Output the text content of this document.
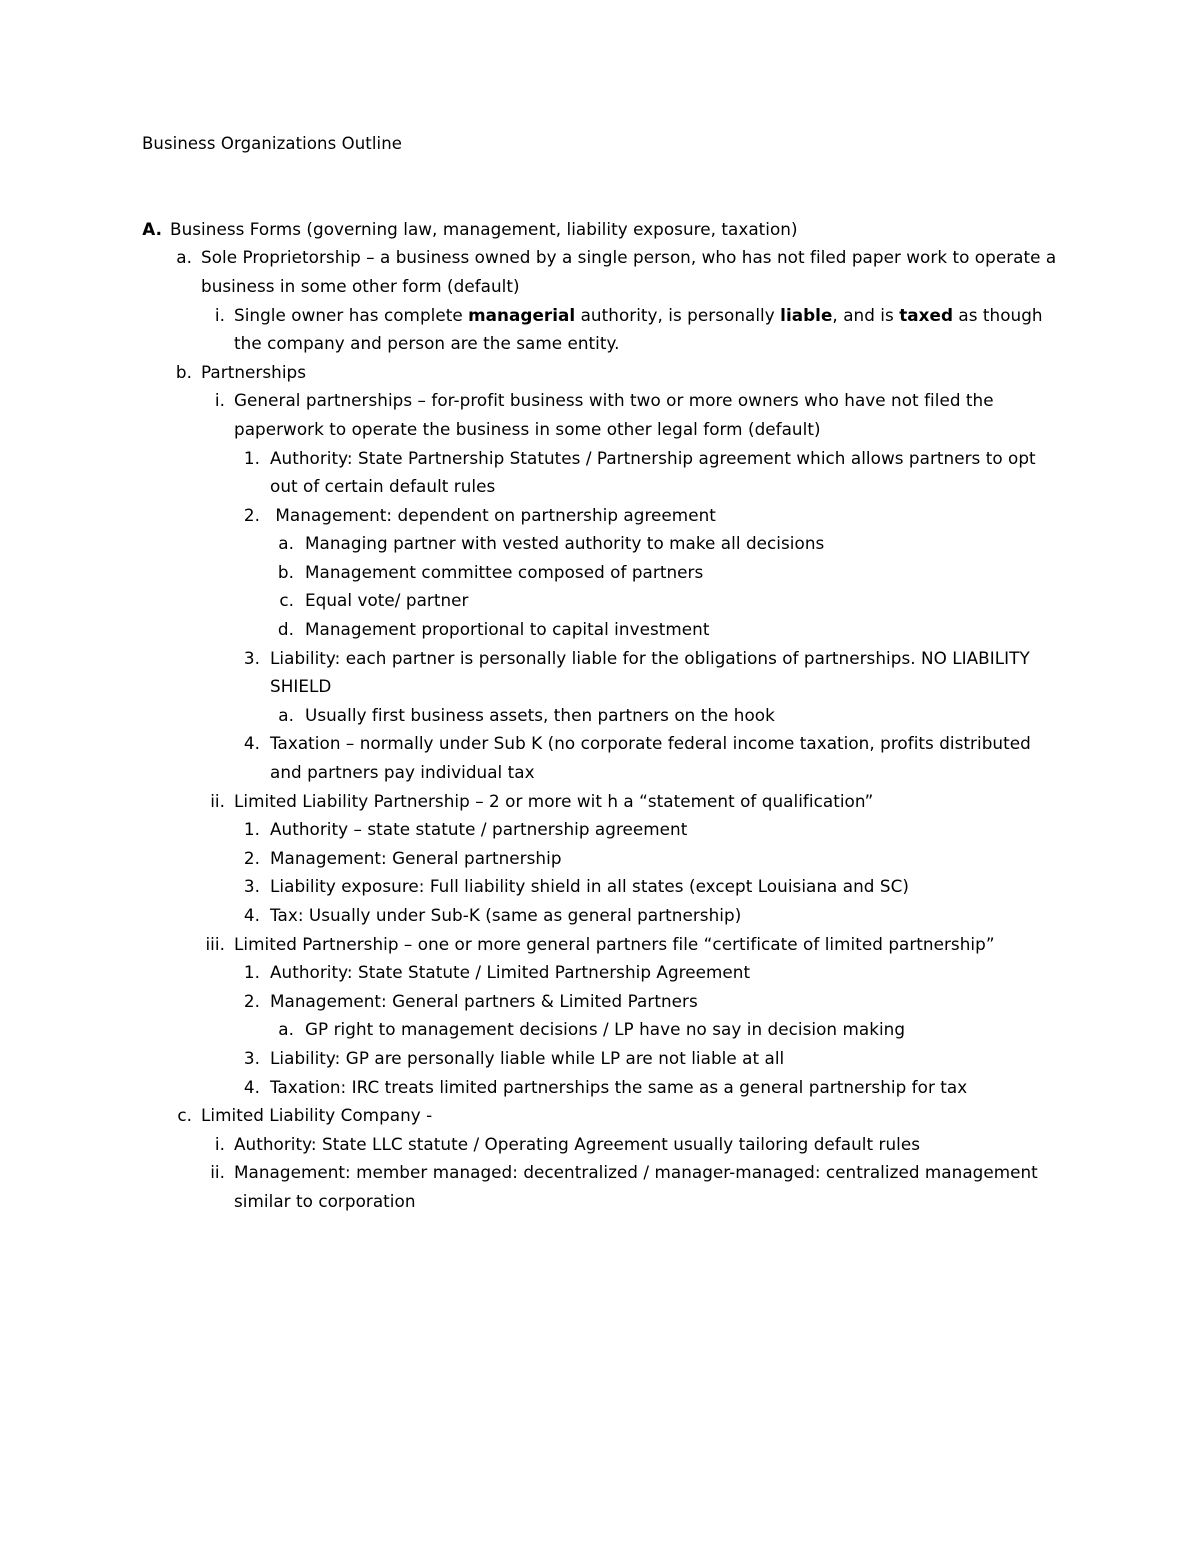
Business Organizations Outline

A. Business Forms (governing law, management, liability exposure, taxation)
a. Sole Proprietorship – a business owned by a single person, who has not filed paper work to operate a business in some other form (default)
i. Single owner has complete managerial authority, is personally liable, and is taxed as though the company and person are the same entity.
b. Partnerships
i. General partnerships – for-profit business with two or more owners who have not filed the paperwork to operate the business in some other legal form (default)
1. Authority: State Partnership Statutes / Partnership agreement which allows partners to opt out of certain default rules
2. Management: dependent on partnership agreement
a. Managing partner with vested authority to make all decisions
b. Management committee composed of partners
c. Equal vote/ partner
d. Management proportional to capital investment
3. Liability: each partner is personally liable for the obligations of partnerships. NO LIABILITY SHIELD
a. Usually first business assets, then partners on the hook
4. Taxation – normally under Sub K (no corporate federal income taxation, profits distributed and partners pay individual tax
ii. Limited Liability Partnership – 2 or more wit h a “statement of qualification”
1. Authority – state statute / partnership agreement
2. Management: General partnership
3. Liability exposure: Full liability shield in all states (except Louisiana and SC)
4. Tax: Usually under Sub-K (same as general partnership)
iii. Limited Partnership – one or more general partners file “certificate of limited partnership”
1. Authority: State Statute / Limited Partnership Agreement
2. Management: General partners & Limited Partners
a. GP right to management decisions / LP have no say in decision making
3. Liability: GP are personally liable while LP are not liable at all
4. Taxation: IRC treats limited partnerships the same as a general partnership for tax
c. Limited Liability Company -
i. Authority: State LLC statute / Operating Agreement usually tailoring default rules
ii. Management: member managed: decentralized / manager-managed: centralized management similar to corporation
